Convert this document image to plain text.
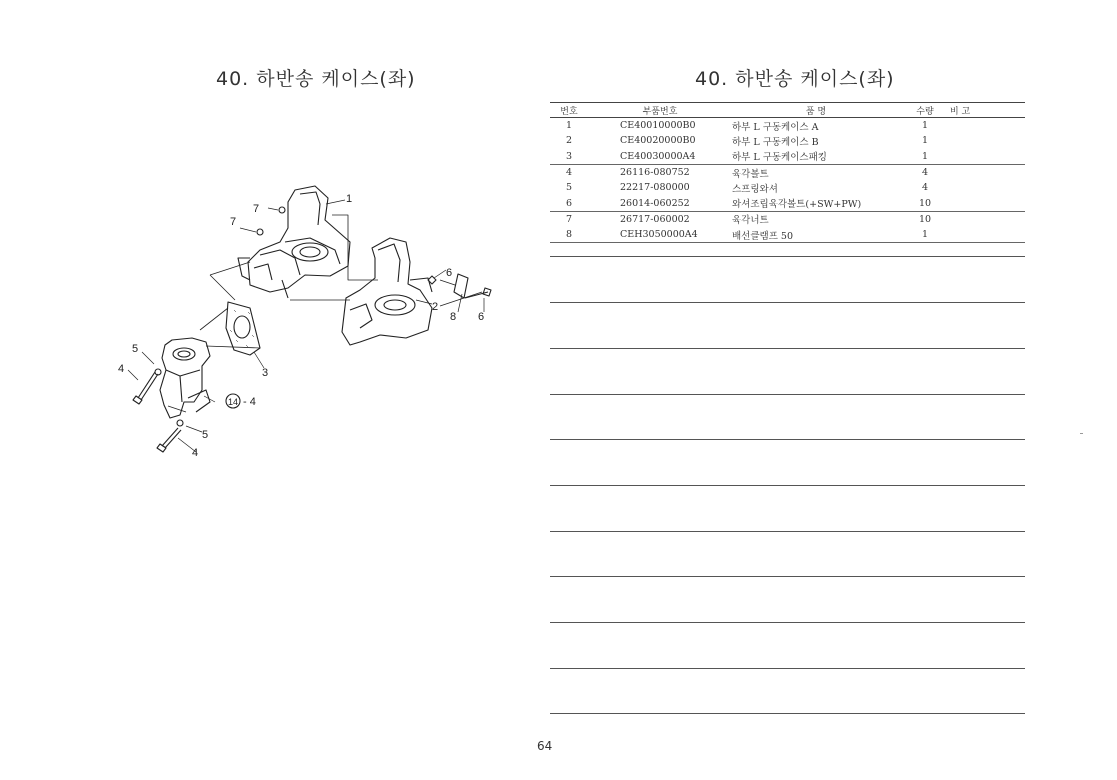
40. 하반송 케이스(좌)	40. 하반송 케이스(좌)
1
7
7
6
2
8 6
3
5
4
14 - 4
5
4
번호	부품번호	품 명	수량	비 고
1	CE40010000B0	하부 L 구동케이스 A	1	
2	CE40020000B0	하부 L 구동케이스 B	1	
3	CE40030000A4	하부 L 구동케이스패킹	1	
4	26116-080752	육각볼트	4	
5	22217-080000	스프링와셔	4	
6	26014-060252	와셔조립육각볼트(+SW+PW)	10	
7	26717-060002	육각너트	10	
8	CEH3050000A4	배선클램프 50	1	
64
